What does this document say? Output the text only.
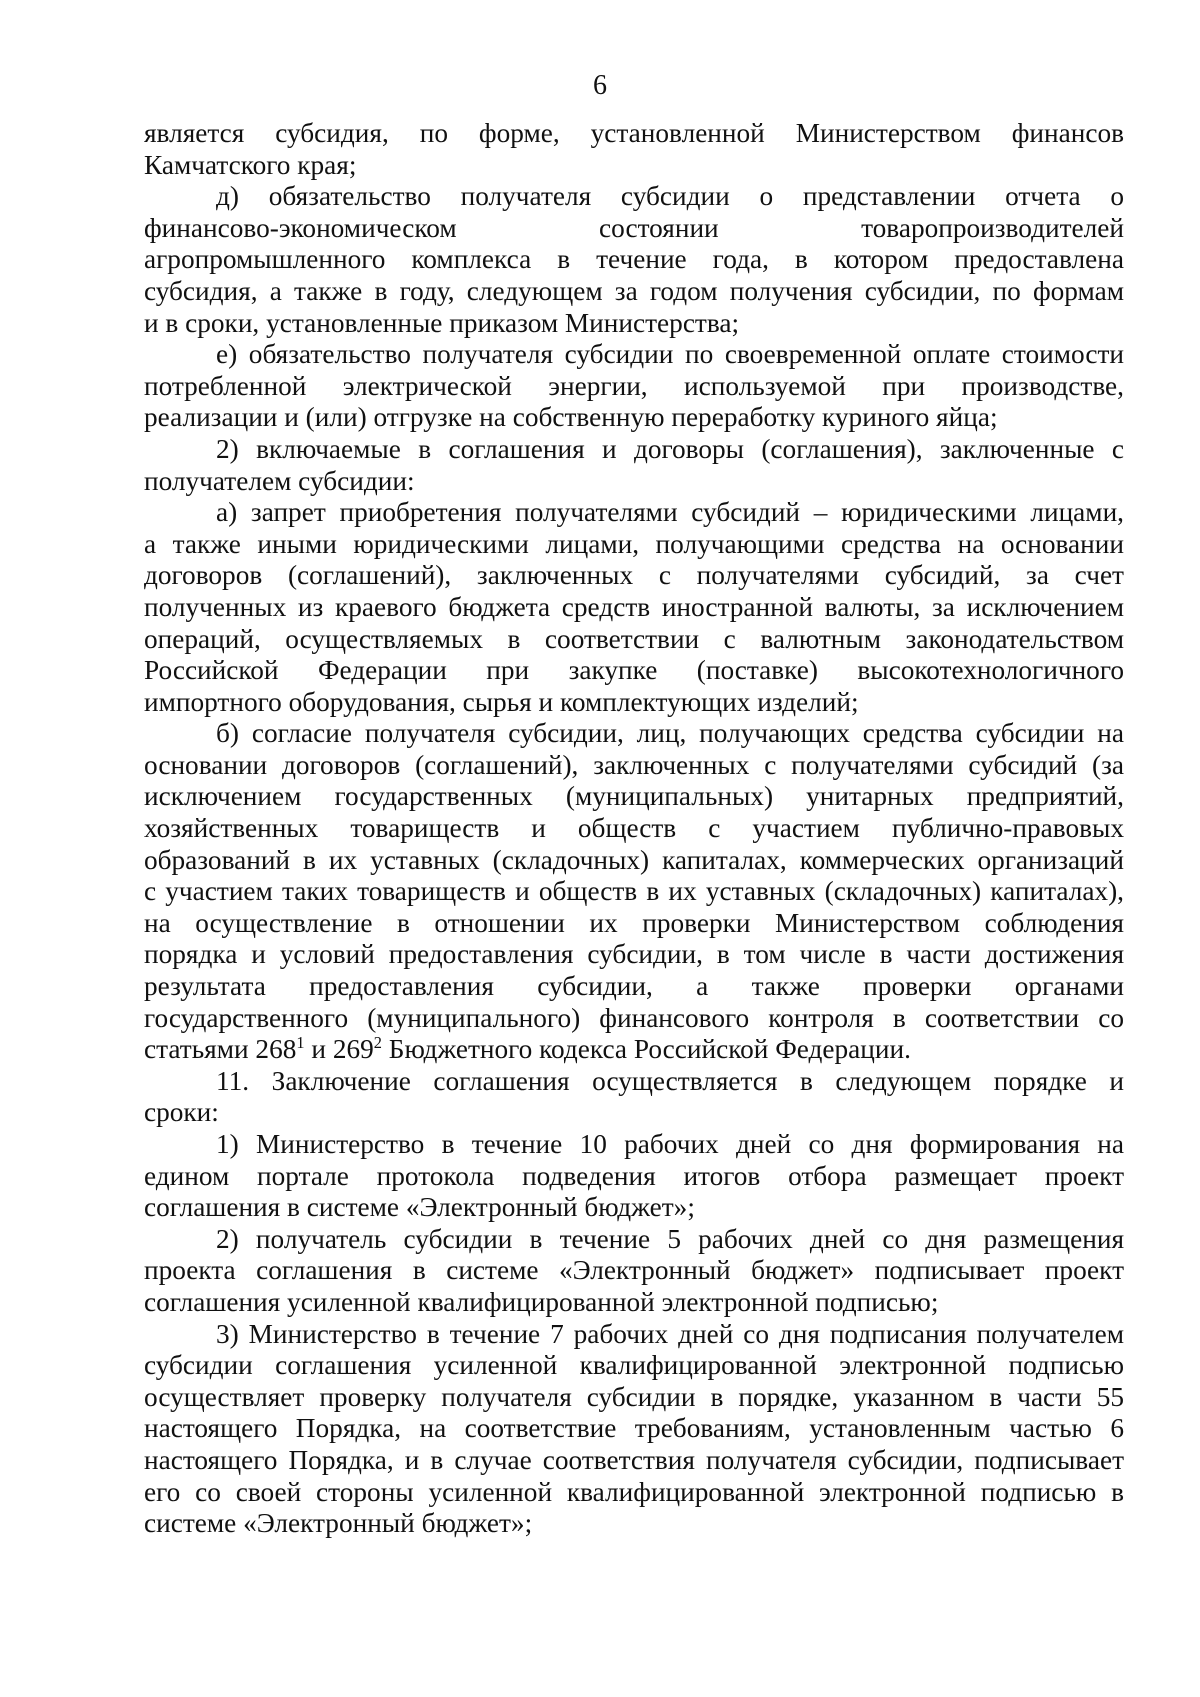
6
является субсидия, по форме, установленной Министерством финансов
Камчатского края;
д) обязательство получателя субсидии о представлении отчета о
финансово-экономическом состоянии товаропроизводителей
агропромышленного комплекса в течение года, в котором предоставлена
субсидия, а также в году, следующем за годом получения субсидии, по формам
и в сроки, установленные приказом Министерства;
е) обязательство получателя субсидии по своевременной оплате стоимости
потребленной электрической энергии, используемой при производстве,
реализации и (или) отгрузке на собственную переработку куриного яйца;
2) включаемые в соглашения и договоры (соглашения), заключенные с
получателем субсидии:
а) запрет приобретения получателями субсидий – юридическими лицами,
а также иными юридическими лицами, получающими средства на основании
договоров (соглашений), заключенных с получателями субсидий, за счет
полученных из краевого бюджета средств иностранной валюты, за исключением
операций, осуществляемых в соответствии с валютным законодательством
Российской Федерации при закупке (поставке) высокотехнологичного
импортного оборудования, сырья и комплектующих изделий;
б) согласие получателя субсидии, лиц, получающих средства субсидии на
основании договоров (соглашений), заключенных с получателями субсидий (за
исключением государственных (муниципальных) унитарных предприятий,
хозяйственных товариществ и обществ с участием публично-правовых
образований в их уставных (складочных) капиталах, коммерческих организаций
с участием таких товариществ и обществ в их уставных (складочных) капиталах),
на осуществление в отношении их проверки Министерством соблюдения
порядка и условий предоставления субсидии, в том числе в части достижения
результата предоставления субсидии, а также проверки органами
государственного (муниципального) финансового контроля в соответствии со
статьями $268^1$ и $269^2$ Бюджетного кодекса Российской Федерации.
11. Заключение соглашения осуществляется в следующем порядке и
сроки:
1) Министерство в течение 10 рабочих дней со дня формирования на
едином портале протокола подведения итогов отбора размещает проект
соглашения в системе «Электронный бюджет»;
2) получатель субсидии в течение 5 рабочих дней со дня размещения
проекта соглашения в системе «Электронный бюджет» подписывает проект
соглашения усиленной квалифицированной электронной подписью;
3) Министерство в течение 7 рабочих дней со дня подписания получателем
субсидии соглашения усиленной квалифицированной электронной подписью
осуществляет проверку получателя субсидии в порядке, указанном в части 55
настоящего Порядка, на соответствие требованиям, установленным частью 6
настоящего Порядка, и в случае соответствия получателя субсидии, подписывает
его со своей стороны усиленной квалифицированной электронной подписью в
системе «Электронный бюджет»;
